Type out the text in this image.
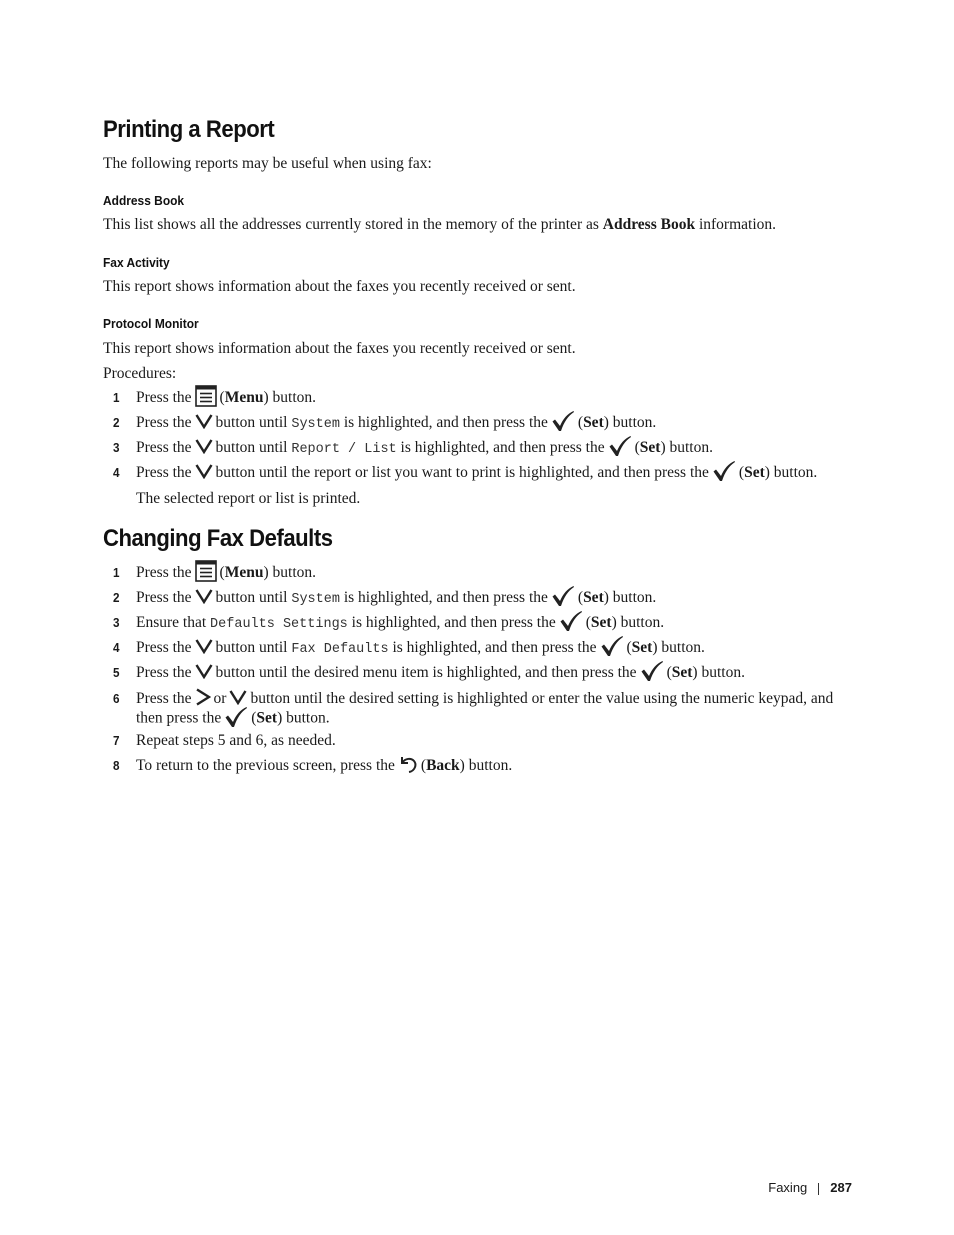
Printing a Report

The following reports may be useful when using fax:

Address Book

This list shows all the addresses currently stored in the memory of the printer as Address Book information.

Fax Activity

This report shows information about the faxes you recently received or sent.

Protocol Monitor

This report shows information about the faxes you recently received or sent.

Procedures:

1 Press the (Menu) button.
2 Press the button until System is highlighted, and then press the (Set) button.
3 Press the button until Report / List is highlighted, and then press the (Set) button.
4 Press the button until the report or list you want to print is highlighted, and then press the (Set) button.

The selected report or list is printed.

Changing Fax Defaults
1 Press the (Menu) button.
2 Press the button until System is highlighted, and then press the (Set) button.
3 Ensure that Defaults Settings is highlighted, and then press the (Set) button.
4 Press the button until Fax Defaults is highlighted, and then press the (Set) button.
5 Press the button until the desired menu item is highlighted, and then press the (Set) button.
6 Press the or button until the desired setting is highlighted or enter the value using the numeric keypad, and
then press the (Set) button.
7 Repeat steps 5 and 6, as needed.
8 To return to the previous screen, press the (Back) button.
Faxing 287
